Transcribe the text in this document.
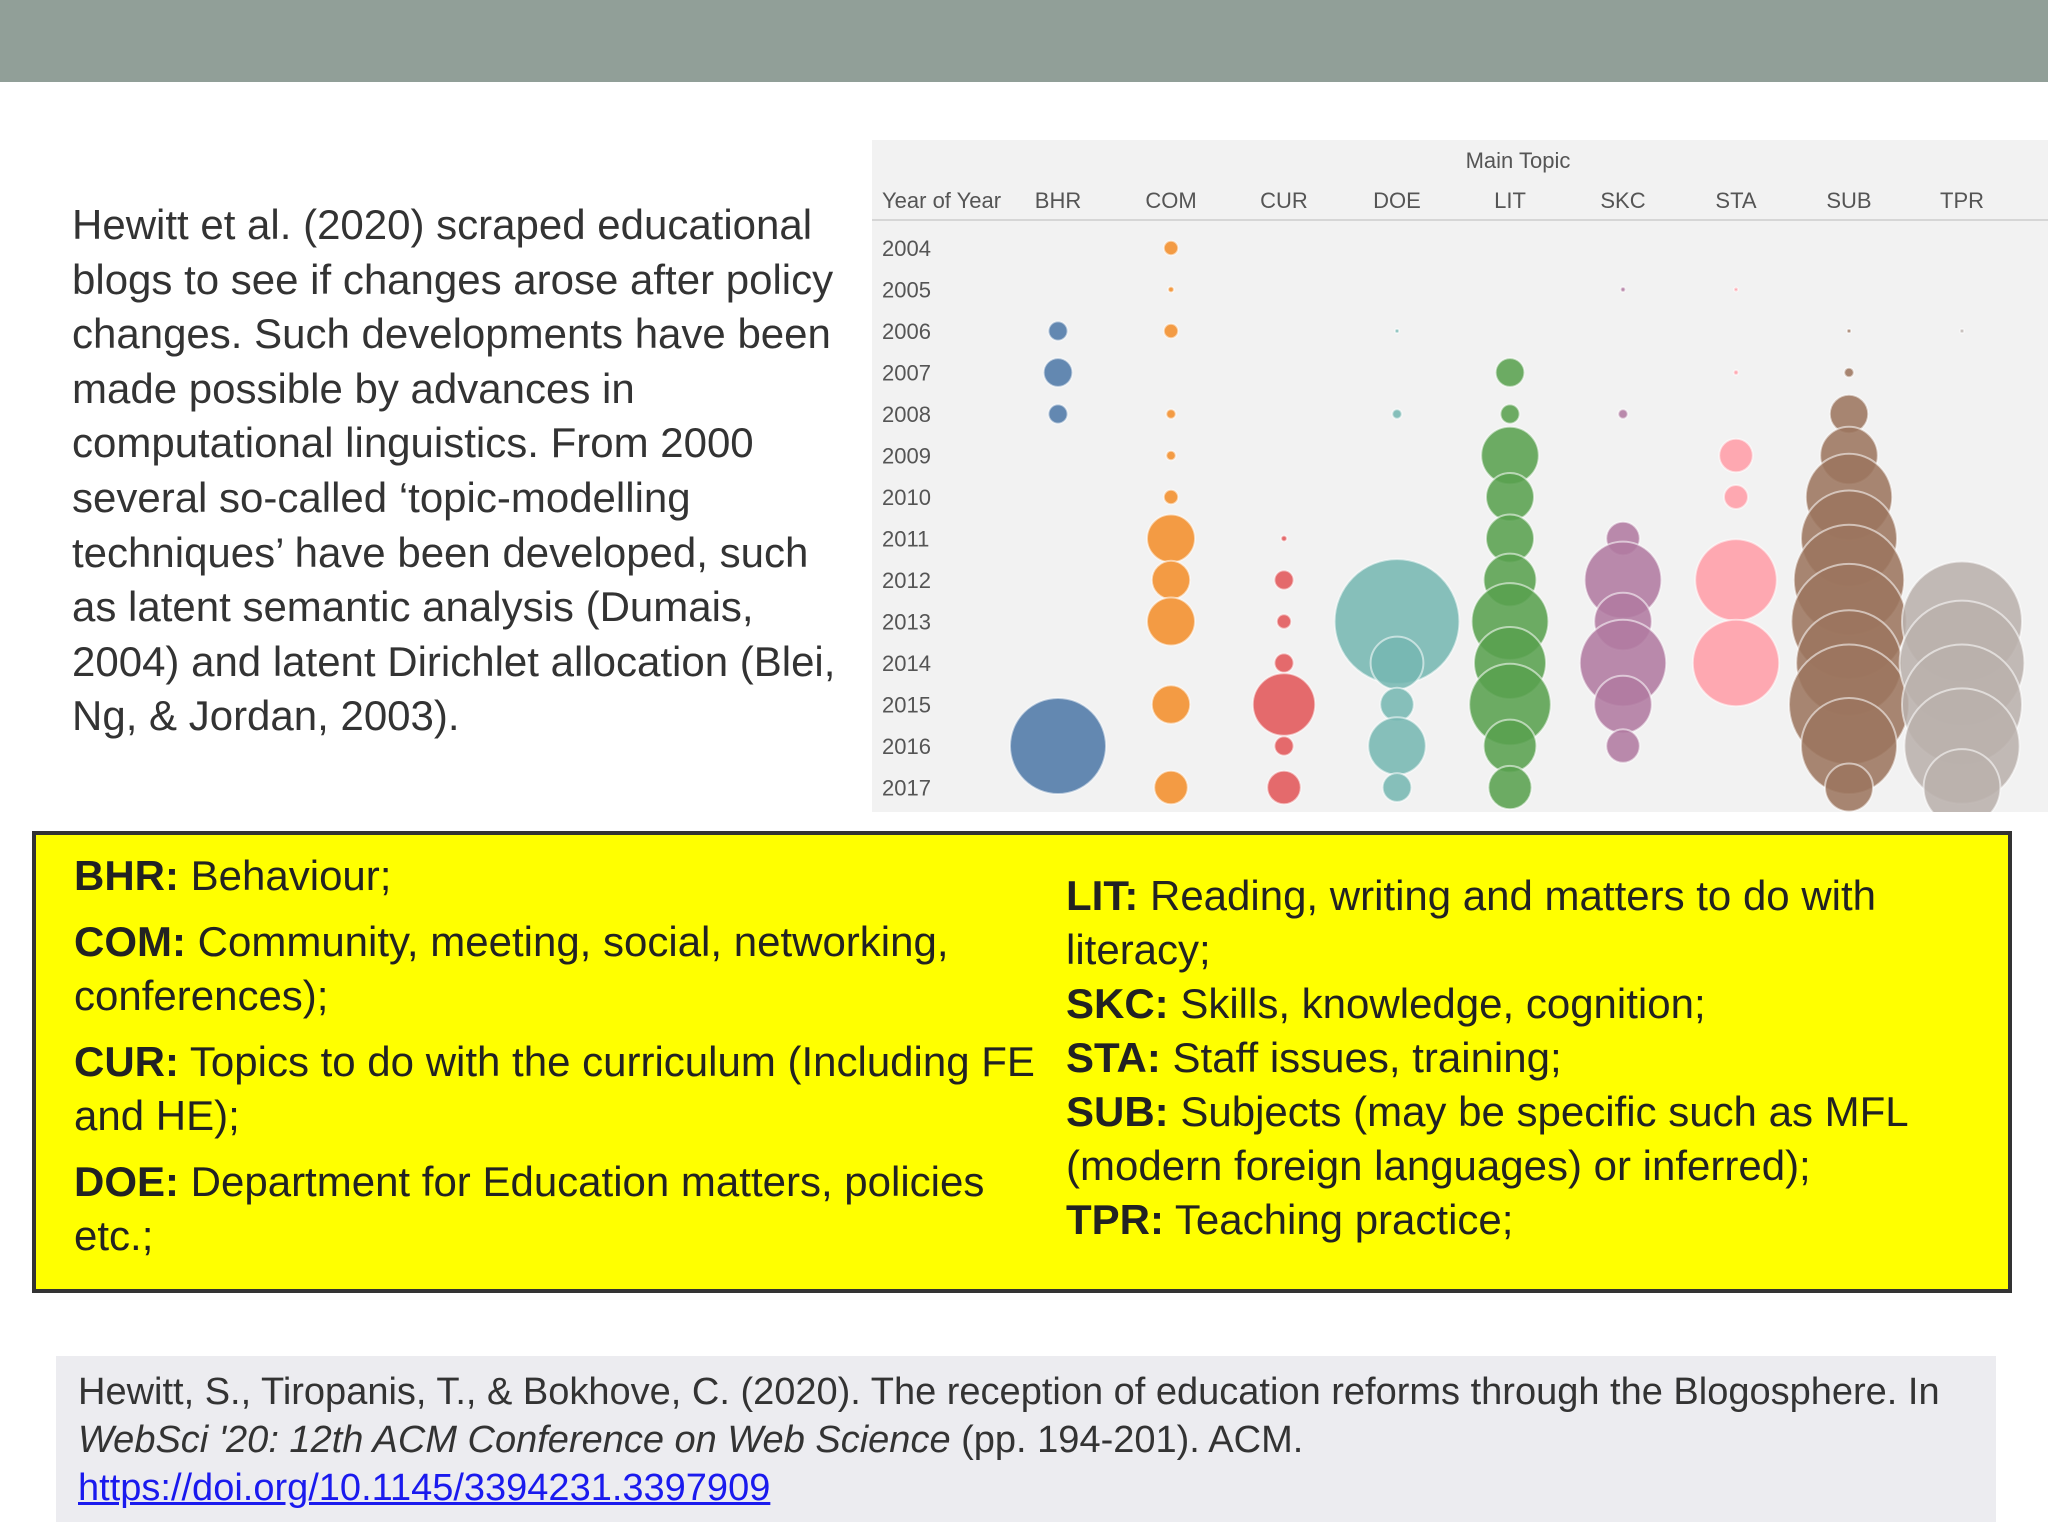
Hewitt et al. (2020) scraped educational blogs to see if changes arose after policy changes. Such developments have been made possible by advances in computational linguistics. From 2000 several so-called ‘topic-modelling techniques’ have been developed, such as latent semantic analysis (Dumais, 2004) and latent Dirichlet allocation (Blei, Ng, & Jordan, 2003).
Main Topic
Year of Year BHR	COM	CUR	DOE	LIT	SKC	STA	SUB	TPR
2004
2005
2006
2007
2008
2009
2010
2011
2012
2013
2014
2015
2016
2017
BHR: Behaviour;
COM: Community, meeting, social, networking, conferences);
CUR: Topics to do with the curriculum (Including FE and HE);
DOE: Department for Education matters, policies etc.;
LIT: Reading, writing and matters to do with literacy;
SKC: Skills, knowledge, cognition;
STA: Staff issues, training;
SUB: Subjects (may be specific such as MFL (modern foreign languages) or inferred);
TPR: Teaching practice;
Hewitt, S., Tiropanis, T., & Bokhove, C. (2020). The reception of education reforms through the Blogosphere. In WebSci '20: 12th ACM Conference on Web Science (pp. 194-201). ACM.
https://doi.org/10.1145/3394231.3397909
